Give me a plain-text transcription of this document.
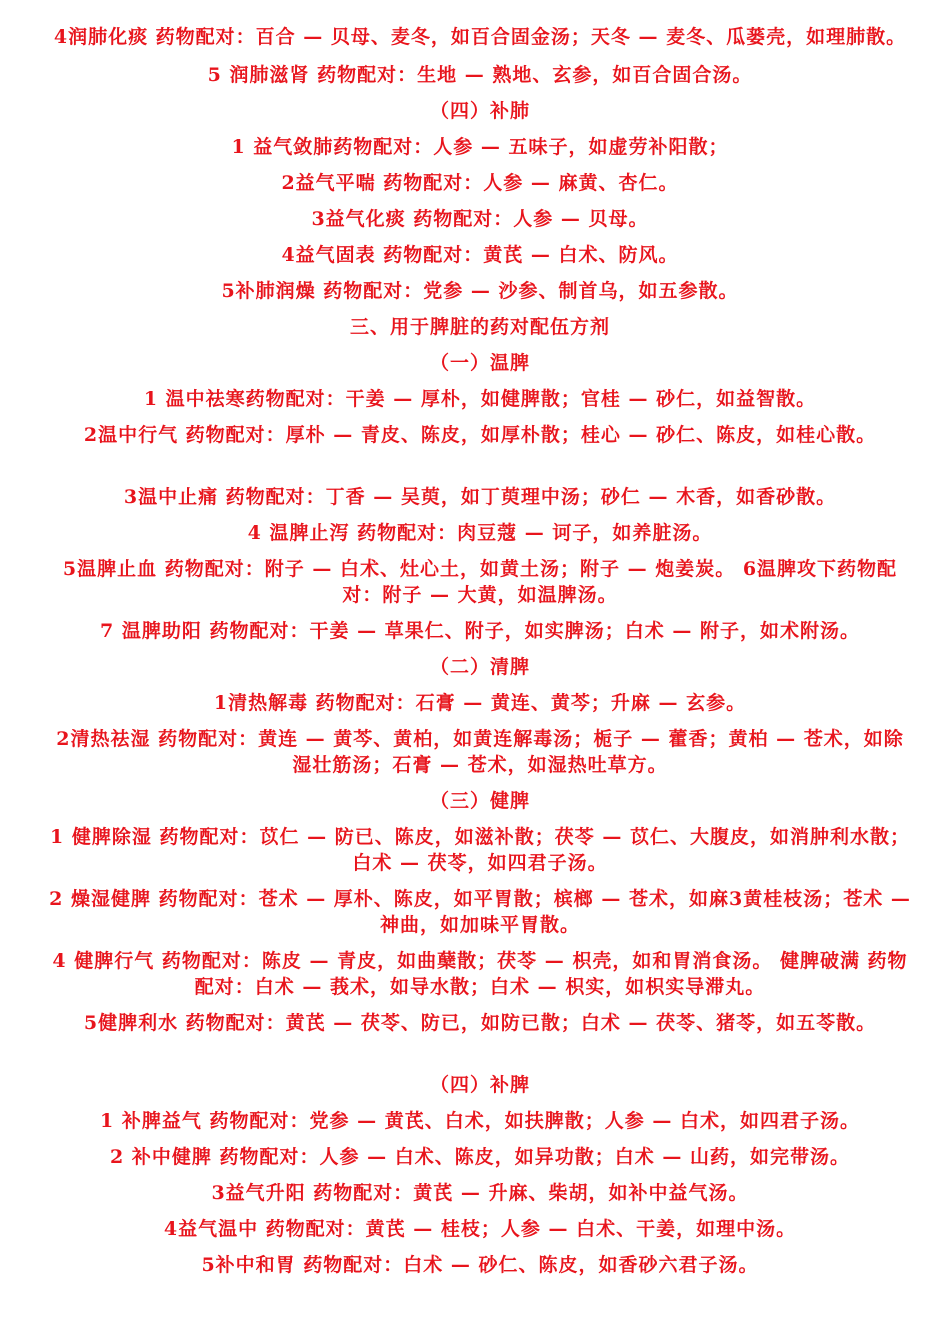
4润肺化痰 药物配对：百合 — 贝母、麦冬，如百合固金汤；天冬 — 麦冬、瓜蒌壳，如理肺散。
5 润肺滋肾 药物配对：生地 — 熟地、玄参，如百合固合汤。
（四）补肺
1 益气敛肺药物配对：人参 — 五味子，如虚劳补阳散；
2益气平喘 药物配对：人参 — 麻黄、杏仁。
3益气化痰 药物配对：人参 — 贝母。
4益气固表 药物配对：黄芪 — 白术、防风。
5补肺润燥 药物配对：党参 — 沙参、制首乌，如五参散。
三、用于脾脏的药对配伍方剂
（一）温脾
1 温中祛寒药物配对：干姜 — 厚朴，如健脾散；官桂 — 砂仁，如益智散。
2温中行气 药物配对：厚朴 — 青皮、陈皮，如厚朴散；桂心 — 砂仁、陈皮，如桂心散。
3温中止痛 药物配对：丁香 — 吴萸，如丁萸理中汤；砂仁 — 木香，如香砂散。
4 温脾止泻 药物配对：肉豆蔻 — 诃子，如养脏汤。
5温脾止血 药物配对：附子 — 白术、灶心土，如黄土汤；附子 — 炮姜炭。 6温脾攻下药物配对：附子 — 大黄，如温脾汤。
7 温脾助阳 药物配对：干姜 — 草果仁、附子，如实脾汤；白术 — 附子，如术附汤。
（二）清脾
1清热解毒 药物配对：石膏 — 黄连、黄芩；升麻 — 玄参。
2清热祛湿 药物配对：黄连 — 黄芩、黄柏，如黄连解毒汤；栀子 — 藿香；黄柏 — 苍术，如除湿壮筋汤；石膏 — 苍术，如湿热吐草方。
（三）健脾
1 健脾除湿 药物配对：苡仁 — 防已、陈皮，如滋补散；茯苓 — 苡仁、大腹皮，如消肿利水散；白术 — 茯苓，如四君子汤。
2 燥湿健脾 药物配对：苍术 — 厚朴、陈皮，如平胃散；槟榔 — 苍术，如麻3黄桂枝汤；苍术 — 神曲，如加味平胃散。
4 健脾行气 药物配对：陈皮 — 青皮，如曲蘖散；茯苓 — 枳壳，如和胃消食汤。 健脾破满 药物配对：白术 — 莪术，如导水散；白术 — 枳实，如枳实导滞丸。
5健脾利水 药物配对：黄芪 — 茯苓、防已，如防已散；白术 — 茯苓、猪苓，如五苓散。
（四）补脾
1 补脾益气 药物配对：党参 — 黄芪、白术，如扶脾散；人参 — 白术，如四君子汤。
2 补中健脾 药物配对：人参 — 白术、陈皮，如异功散；白术 — 山药，如完带汤。
3益气升阳 药物配对：黄芪 — 升麻、柴胡，如补中益气汤。
4益气温中 药物配对：黄芪 — 桂枝；人参 — 白术、干姜，如理中汤。
5补中和胃 药物配对：白术 — 砂仁、陈皮，如香砂六君子汤。
